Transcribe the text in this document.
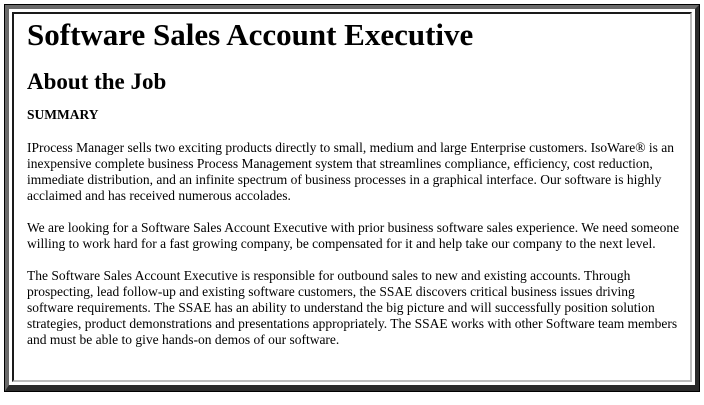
Software Sales Account Executive
About the Job
SUMMARY

IProcess Manager sells two exciting products directly to small, medium and large Enterprise customers. IsoWare® is an inexpensive complete business Process Management system that streamlines compliance, efficiency, cost reduction, immediate distribution, and an infinite spectrum of business processes in a graphical interface. Our software is highly acclaimed and has received numerous accolades.

We are looking for a Software Sales Account Executive with prior business software sales experience. We need someone willing to work hard for a fast growing company, be compensated for it and help take our company to the next level.

The Software Sales Account Executive is responsible for outbound sales to new and existing accounts. Through prospecting, lead follow-up and existing software customers, the SSAE discovers critical business issues driving software requirements. The SSAE has an ability to understand the big picture and will successfully position solution strategies, product demonstrations and presentations appropriately. The SSAE works with other Software team members and must be able to give hands-on demos of our software.
